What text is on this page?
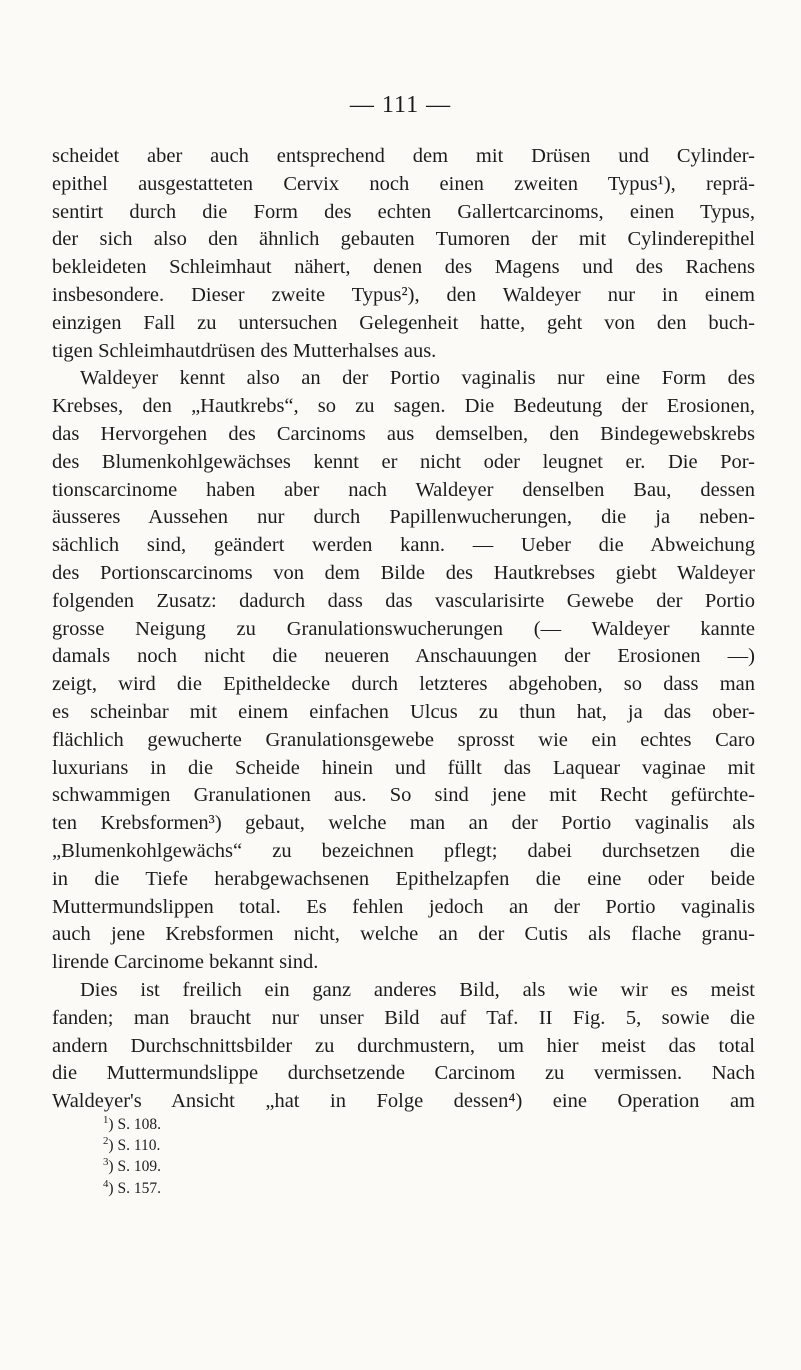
— 111 —
scheidet aber auch entsprechend dem mit Drüsen und Cylinder-
epithel ausgestatteten Cervix noch einen zweiten Typus¹), reprä-
sentirt durch die Form des echten Gallertcarcinoms, einen Typus,
der sich also den ähnlich gebauten Tumoren der mit Cylinderepithel
bekleideten Schleimhaut nähert, denen des Magens und des Rachens
insbesondere. Dieser zweite Typus²), den Waldeyer nur in einem
einzigen Fall zu untersuchen Gelegenheit hatte, geht von den buch-
tigen Schleimhautdrüsen des Mutterhalses aus.
Waldeyer kennt also an der Portio vaginalis nur eine Form des
Krebses, den „Hautkrebs“, so zu sagen. Die Bedeutung der Erosionen,
das Hervorgehen des Carcinoms aus demselben, den Bindegewebskrebs
des Blumenkohlgewächses kennt er nicht oder leugnet er. Die Por-
tionscarcinome haben aber nach Waldeyer denselben Bau, dessen
äusseres Aussehen nur durch Papillenwucherungen, die ja neben-
sächlich sind, geändert werden kann. — Ueber die Abweichung
des Portionscarcinoms von dem Bilde des Hautkrebses giebt Waldeyer
folgenden Zusatz: dadurch dass das vascularisirte Gewebe der Portio
grosse Neigung zu Granulationswucherungen (— Waldeyer kannte
damals noch nicht die neueren Anschauungen der Erosionen —)
zeigt, wird die Epitheldecke durch letzteres abgehoben, so dass man
es scheinbar mit einem einfachen Ulcus zu thun hat, ja das ober-
flächlich gewucherte Granulationsgewebe sprosst wie ein echtes Caro
luxurians in die Scheide hinein und füllt das Laquear vaginae mit
schwammigen Granulationen aus. So sind jene mit Recht gefürchte-
ten Krebsformen³) gebaut, welche man an der Portio vaginalis als
„Blumenkohlgewächs“ zu bezeichnen pflegt; dabei durchsetzen die
in die Tiefe herabgewachsenen Epithelzapfen die eine oder beide
Muttermundslippen total. Es fehlen jedoch an der Portio vaginalis
auch jene Krebsformen nicht, welche an der Cutis als flache granu-
lirende Carcinome bekannt sind.
Dies ist freilich ein ganz anderes Bild, als wie wir es meist
fanden; man braucht nur unser Bild auf Taf. II Fig. 5, sowie die
andern Durchschnittsbilder zu durchmustern, um hier meist das total
die Muttermundslippe durchsetzende Carcinom zu vermissen. Nach
Waldeyer's Ansicht „hat in Folge dessen⁴) eine Operation am
$^1$) S. 108.
$^2$) S. 110.
$^3$) S. 109.
$^4$) S. 157.
